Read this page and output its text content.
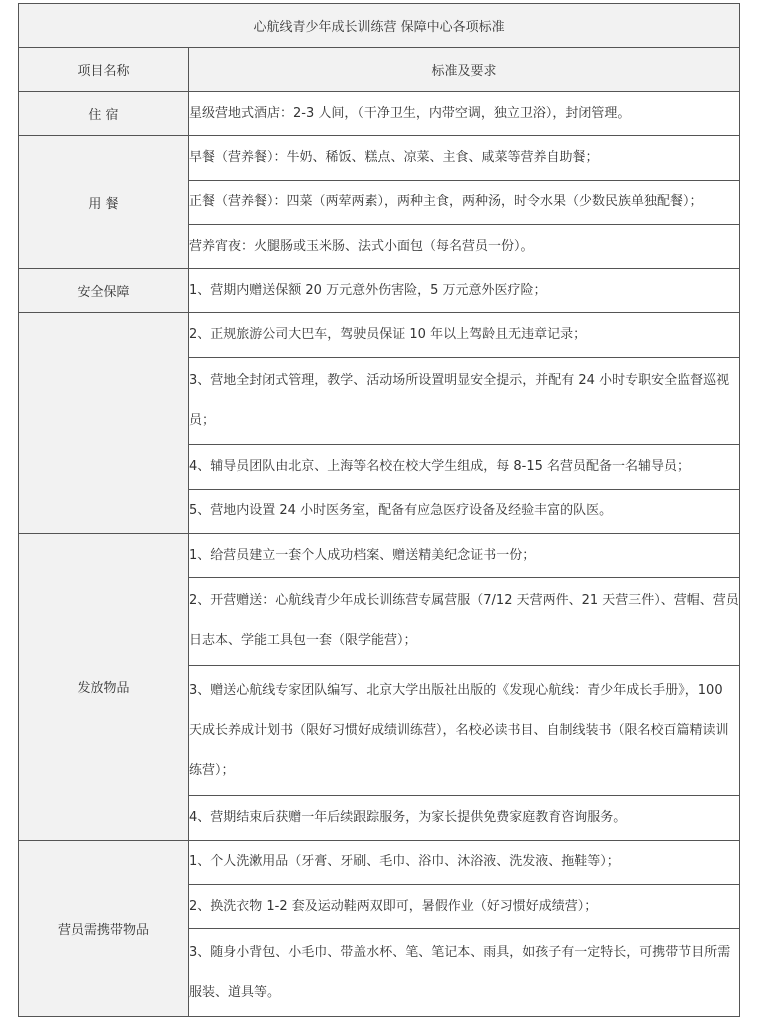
心航线青少年成长训练营 保障中心各项标准	
项目名称	标准及要求
住 宿	星级营地式酒店：2-3 人间，（干净卫生，内带空调，独立卫浴），封闭管理。
用 餐	早餐（营养餐）：牛奶、稀饭、糕点、凉菜、主食、咸菜等营养自助餐；
	正餐（营养餐）：四菜（两荤两素），两种主食，两种汤，时令水果（少数民族单独配餐）；
	营养宵夜：火腿肠或玉米肠、法式小面包（每名营员一份）。
安全保障	1、营期内赠送保额 20 万元意外伤害险，5 万元意外医疗险；
	2、正规旅游公司大巴车，驾驶员保证 10 年以上驾龄且无违章记录；
	3、营地全封闭式管理，教学、活动场所设置明显安全提示，并配有 24 小时专职安全监督巡视员；
	4、辅导员团队由北京、上海等名校在校大学生组成，每 8-15 名营员配备一名辅导员；
	5、营地内设置 24 小时医务室，配备有应急医疗设备及经验丰富的队医。
发放物品	1、给营员建立一套个人成功档案、赠送精美纪念证书一份；
	2、开营赠送：心航线青少年成长训练营专属营服（7/12 天营两件、21 天营三件）、营帽、营员日志本、学能工具包一套（限学能营）；
	3、赠送心航线专家团队编写、北京大学出版社出版的《发现心航线：青少年成长手册》，100 天成长养成计划书（限好习惯好成绩训练营），名校必读书目、自制线装书（限名校百篇精读训练营）；
	4、营期结束后获赠一年后续跟踪服务，为家长提供免费家庭教育咨询服务。
营员需携带物品	1、个人洗漱用品（牙膏、牙刷、毛巾、浴巾、沐浴液、洗发液、拖鞋等）；
	2、换洗衣物 1-2 套及运动鞋两双即可，暑假作业（好习惯好成绩营）；
	3、随身小背包、小毛巾、带盖水杯、笔、笔记本、雨具，如孩子有一定特长，可携带节目所需服装、道具等。
